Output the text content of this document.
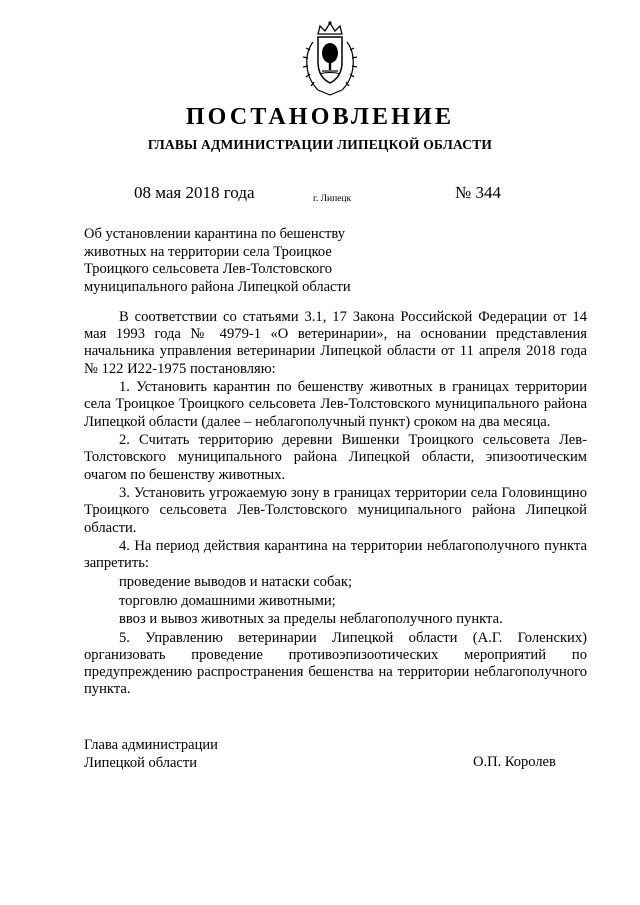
ПОСТАНОВЛЕНИЕ
ГЛАВЫ АДМИНИСТРАЦИИ ЛИПЕЦКОЙ ОБЛАСТИ
08 мая 2018 года	г. Липецк	№ 344
Об установлении карантина по бешенству
животных на территории села Троицкое
Троицкого сельсовета Лев-Толстовского
муниципального района Липецкой области

В соответствии со статьями 3.1, 17 Закона Российской Федерации от 14 мая 1993 года № 4979-1 «О ветеринарии», на основании представления начальника управления ветеринарии Липецкой области от 11 апреля 2018 года № 122 И22-1975 постановляю:

1. Установить карантин по бешенству животных в границах территории села Троицкое Троицкого сельсовета Лев-Толстовского муниципального района Липецкой области (далее – неблагополучный пункт) сроком на два месяца.

2. Считать территорию деревни Вишенки Троицкого сельсовета Лев-Толстовского муниципального района Липецкой области, эпизоотическим очагом по бешенству животных.

3. Установить угрожаемую зону в границах территории села Головинщино Троицкого сельсовета Лев-Толстовского муниципального района Липецкой области.

4. На период действия карантина на территории неблагополучного пункта запретить:

проведение выводов и натаски собак;

торговлю домашними животными;

ввоз и вывоз животных за пределы неблагополучного пункта.

5. Управлению ветеринарии Липецкой области (А.Г. Голенских) организовать проведение противоэпизоотических мероприятий по предупреждению распространения бешенства на территории неблагополучного пункта.

Глава администрации
Липецкой области	О.П. Королев
